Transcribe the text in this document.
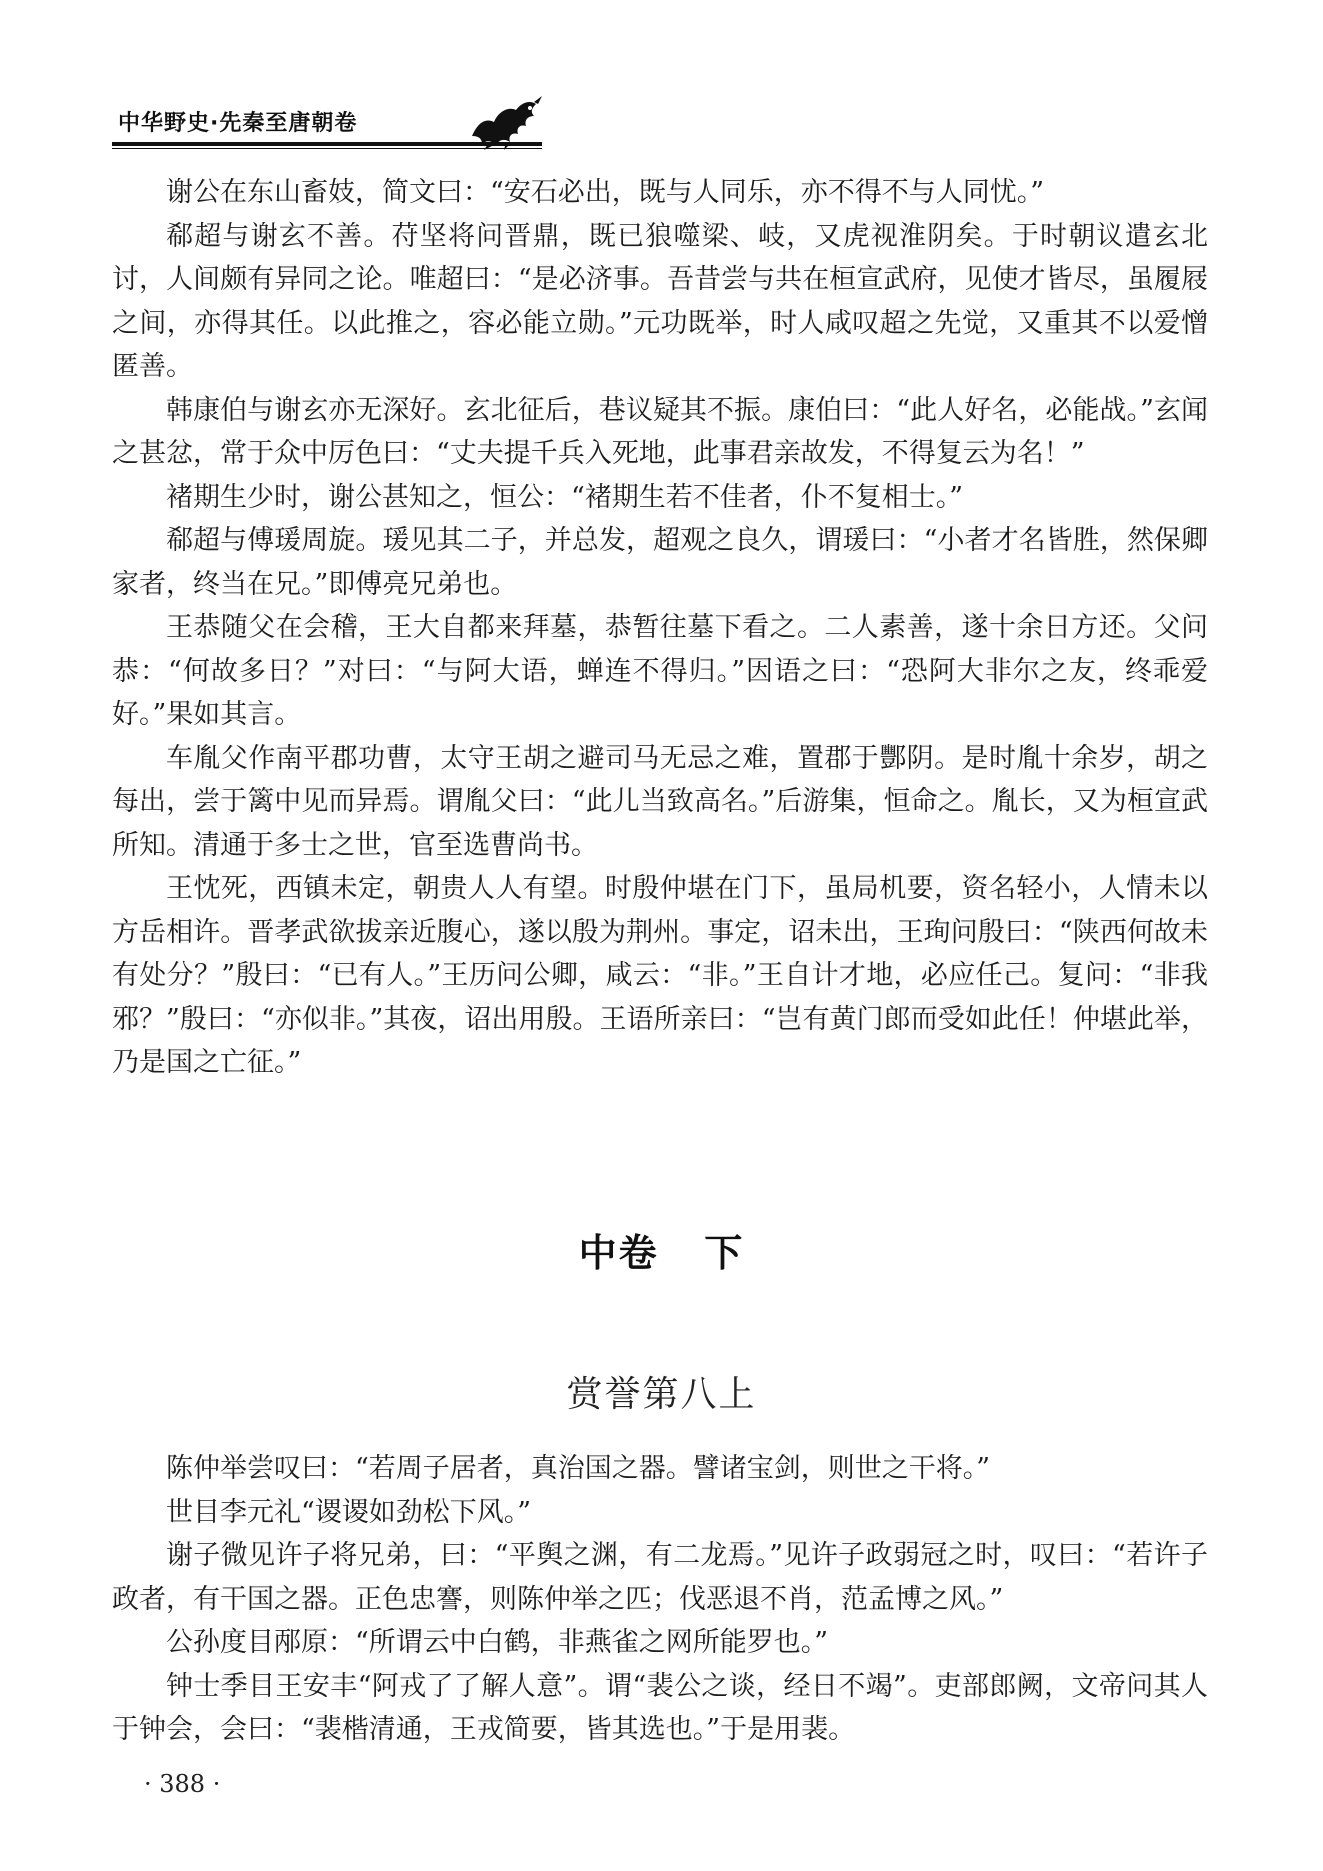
中华野史·先秦至唐朝卷

谢公在东山畜妓，简文曰：“安石必出，既与人同乐，亦不得不与人同忧。”

郗超与谢玄不善。苻坚将问晋鼎，既已狼噬梁、岐，又虎视淮阴矣。于时朝议遣玄北讨，人间颇有异同之论。唯超曰：“是必济事。吾昔尝与共在桓宣武府，见使才皆尽，虽履屐之间，亦得其任。以此推之，容必能立勋。”元功既举，时人咸叹超之先觉，又重其不以爱憎匿善。

韩康伯与谢玄亦无深好。玄北征后，巷议疑其不振。康伯曰：“此人好名，必能战。”玄闻之甚忿，常于众中厉色曰：“丈夫提千兵入死地，此事君亲故发，不得复云为名！”

褚期生少时，谢公甚知之，恒公：“褚期生若不佳者，仆不复相士。”

郗超与傅瑗周旋。瑗见其二子，并总发，超观之良久，谓瑗曰：“小者才名皆胜，然保卿家者，终当在兄。”即傅亮兄弟也。

王恭随父在会稽，王大自都来拜墓，恭暂往墓下看之。二人素善，遂十余日方还。父问恭：“何故多日？”对曰：“与阿大语，蝉连不得归。”因语之曰：“恐阿大非尔之友，终乖爱好。”果如其言。

车胤父作南平郡功曹，太守王胡之避司马无忌之难，置郡于酆阴。是时胤十余岁，胡之每出，尝于篱中见而异焉。谓胤父曰：“此儿当致高名。”后游集，恒命之。胤长，又为桓宣武所知。清通于多士之世，官至选曹尚书。

王忱死，西镇未定，朝贵人人有望。时殷仲堪在门下，虽局机要，资名轻小，人情未以方岳相许。晋孝武欲拔亲近腹心，遂以殷为荆州。事定，诏未出，王珣问殷曰：“陕西何故未有处分？”殷曰：“已有人。”王历问公卿，咸云：“非。”王自计才地，必应任己。复问：“非我邪？”殷曰：“亦似非。”其夜，诏出用殷。王语所亲曰：“岂有黄门郎而受如此任！仲堪此举，乃是国之亡征。”

中卷   下
赏誉第八上

陈仲举尝叹曰：“若周子居者，真治国之器。譬诸宝剑，则世之干将。”

世目李元礼“谡谡如劲松下风。”

谢子微见许子将兄弟，曰：“平舆之渊，有二龙焉。”见许子政弱冠之时，叹曰：“若许子政者，有干国之器。正色忠謇，则陈仲举之匹；伐恶退不肖，范孟博之风。”

公孙度目邴原：“所谓云中白鹤，非燕雀之网所能罗也。”

钟士季目王安丰“阿戎了了解人意”。谓“裴公之谈，经日不竭”。吏部郎阙，文帝问其人于钟会，会曰：“裴楷清通，王戎简要，皆其选也。”于是用裴。

· 388 ·
